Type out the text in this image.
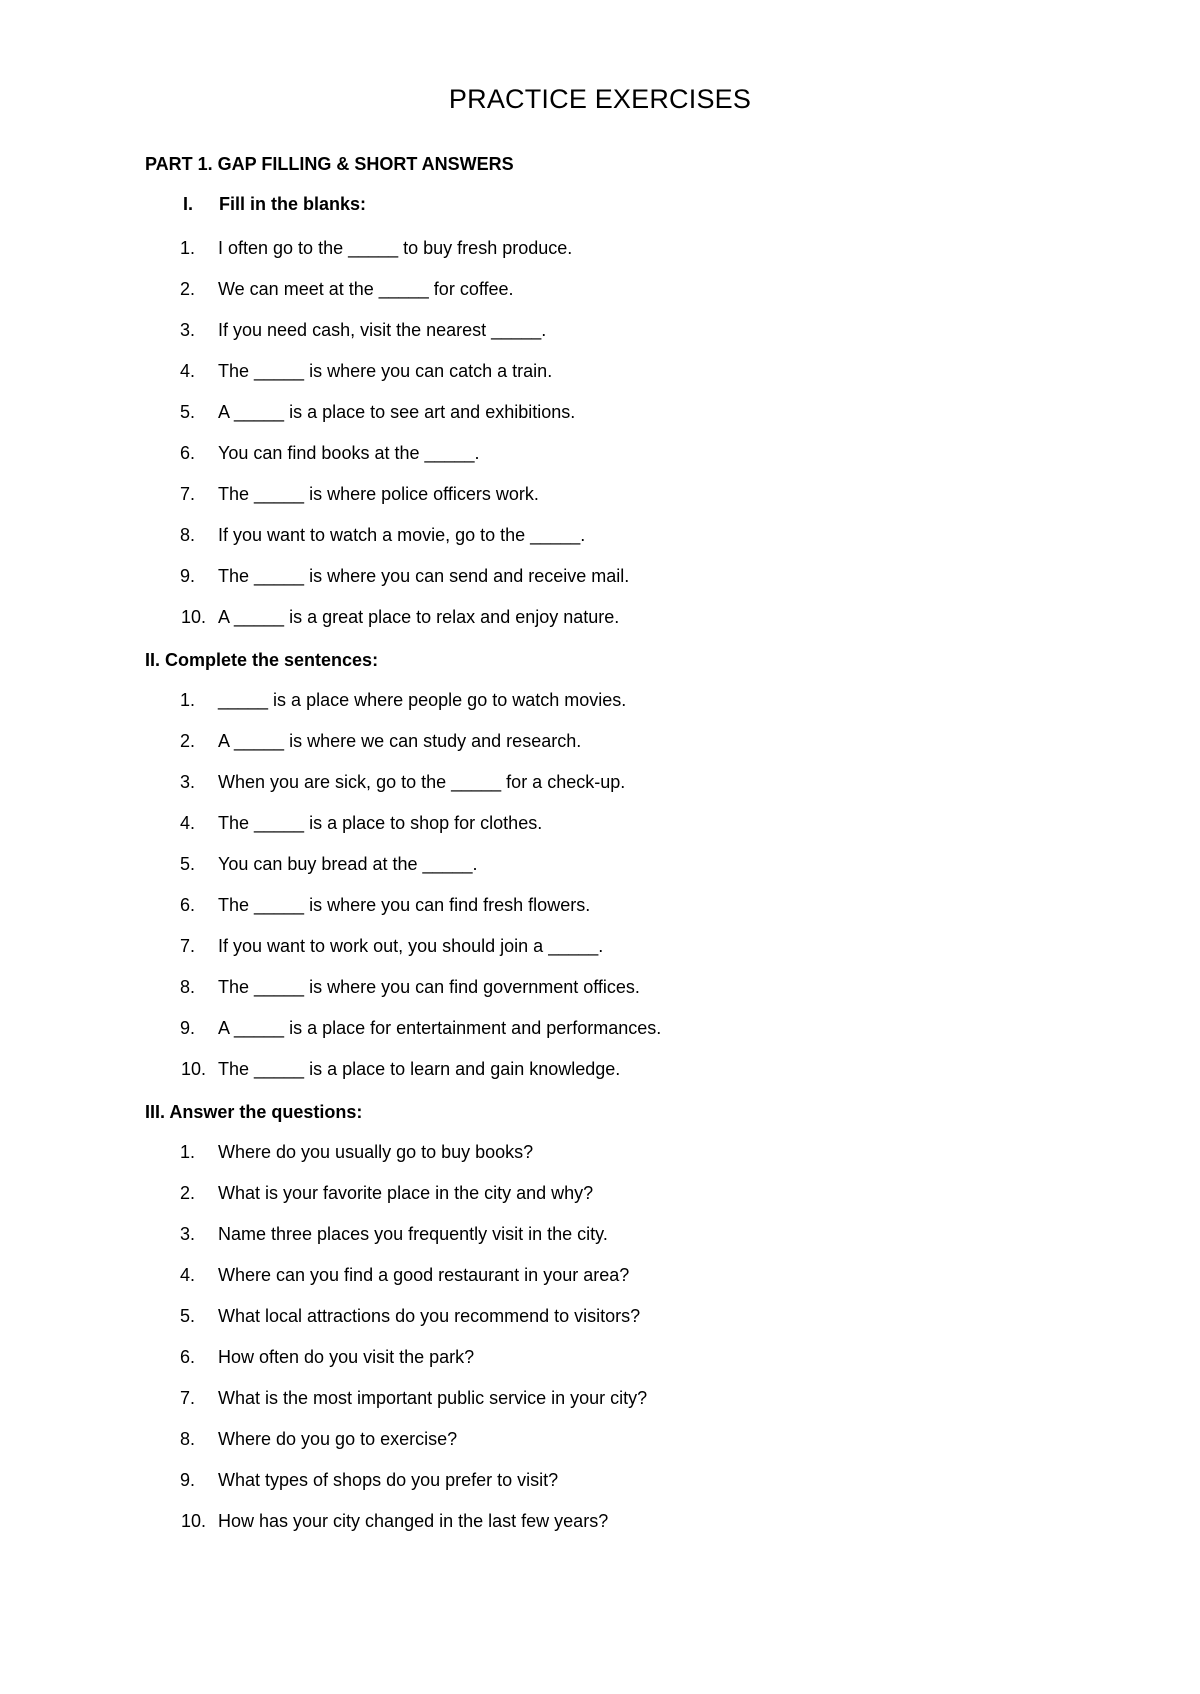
PRACTICE EXERCISES
PART 1. GAP FILLING & SHORT ANSWERS
I. Fill in the blanks:
1.	I often go to the _____ to buy fresh produce.
2.	We can meet at the _____ for coffee.
3.	If you need cash, visit the nearest _____.
4.	The _____ is where you can catch a train.
5.	A _____ is a place to see art and exhibitions.
6.	You can find books at the _____.
7.	The _____ is where police officers work.
8.	If you want to watch a movie, go to the _____.
9.	The _____ is where you can send and receive mail.
10. A _____ is a great place to relax and enjoy nature.
II. Complete the sentences:
1.	_____ is a place where people go to watch movies.
2.	A _____ is where we can study and research.
3.	When you are sick, go to the _____ for a check-up.
4.	The _____ is a place to shop for clothes.
5.	You can buy bread at the _____.
6.	The _____ is where you can find fresh flowers.
7.	If you want to work out, you should join a _____.
8.	The _____ is where you can find government offices.
9.	A _____ is a place for entertainment and performances.
10. The _____ is a place to learn and gain knowledge.
III. Answer the questions:
1.	Where do you usually go to buy books?
2.	What is your favorite place in the city and why?
3.	Name three places you frequently visit in the city.
4.	Where can you find a good restaurant in your area?
5.	What local attractions do you recommend to visitors?
6.	How often do you visit the park?
7.	What is the most important public service in your city?
8.	Where do you go to exercise?
9.	What types of shops do you prefer to visit?
10. How has your city changed in the last few years?
